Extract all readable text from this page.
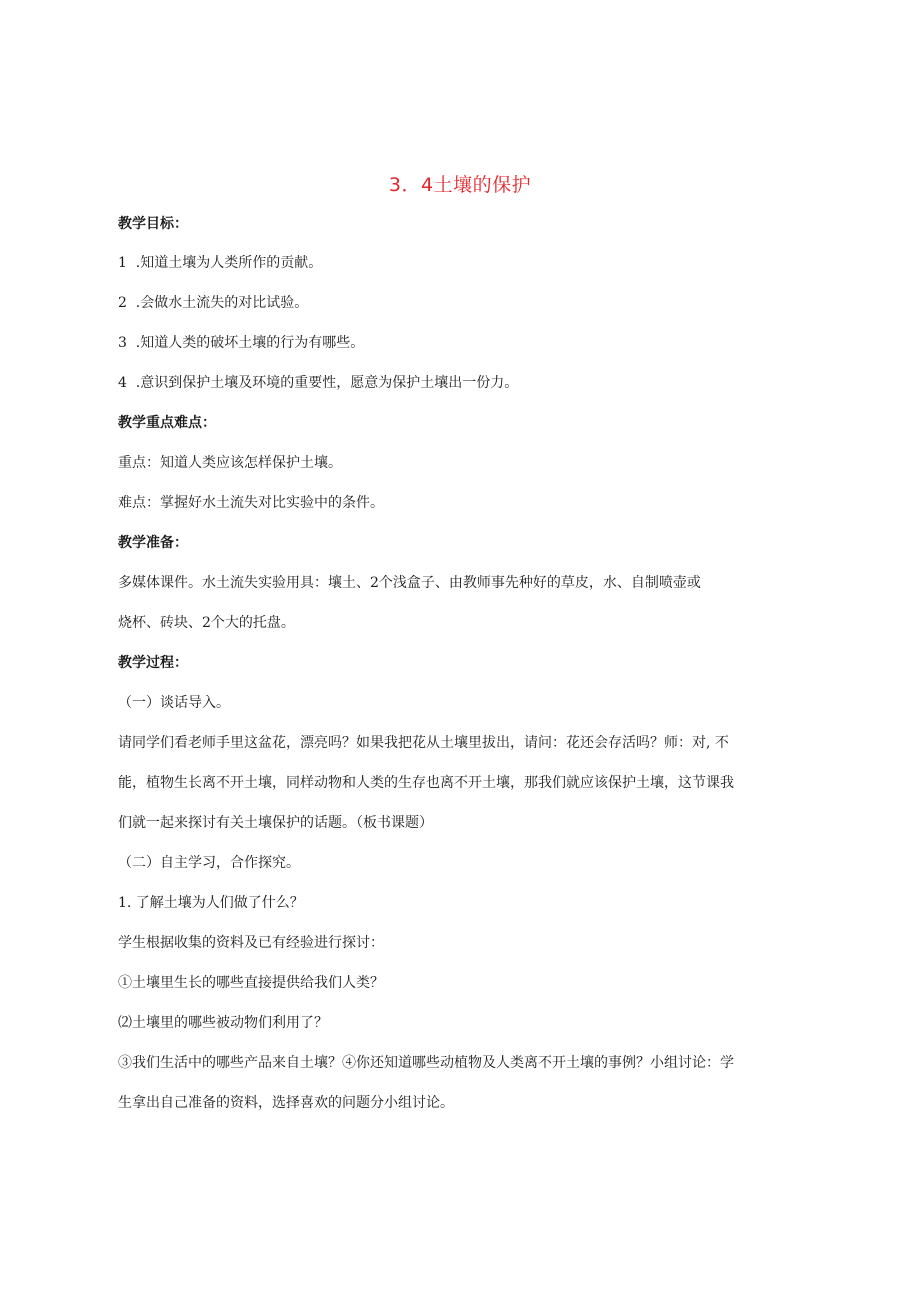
3．4土壤的保护
教学目标：
1  .知道土壤为人类所作的贡献。
2  .会做水土流失的对比试验。
3  .知道人类的破坏土壤的行为有哪些。
4  .意识到保护土壤及环境的重要性，愿意为保护土壤出一份力。
教学重点难点：
重点：知道人类应该怎样保护土壤。
难点：掌握好水土流失对比实验中的条件。
教学准备：
多媒体课件。水土流失实验用具：壤土、2个浅盒子、由教师事先种好的草皮，水、自制喷壶或
烧杯、砖块、2个大的托盘。
教学过程：
（一）谈话导入。
请同学们看老师手里这盆花，漂亮吗？如果我把花从土壤里拔出，请问：花还会存活吗？师：对, 不
能，植物生长离不开土壤，同样动物和人类的生存也离不开土壤，那我们就应该保护土壤，这节课我
们就一起来探讨有关土壤保护的话题。（板书课题）
（二）自主学习，合作探究。
1. 了解土壤为人们做了什么？
学生根据收集的资料及已有经验进行探讨：
①土壤里生长的哪些直接提供给我们人类？
⑵土壤里的哪些被动物们利用了？
③我们生活中的哪些产品来自土壤？④你还知道哪些动植物及人类离不开土壤的事例？小组讨论：学
生拿出自己准备的资料，选择喜欢的问题分小组讨论。
